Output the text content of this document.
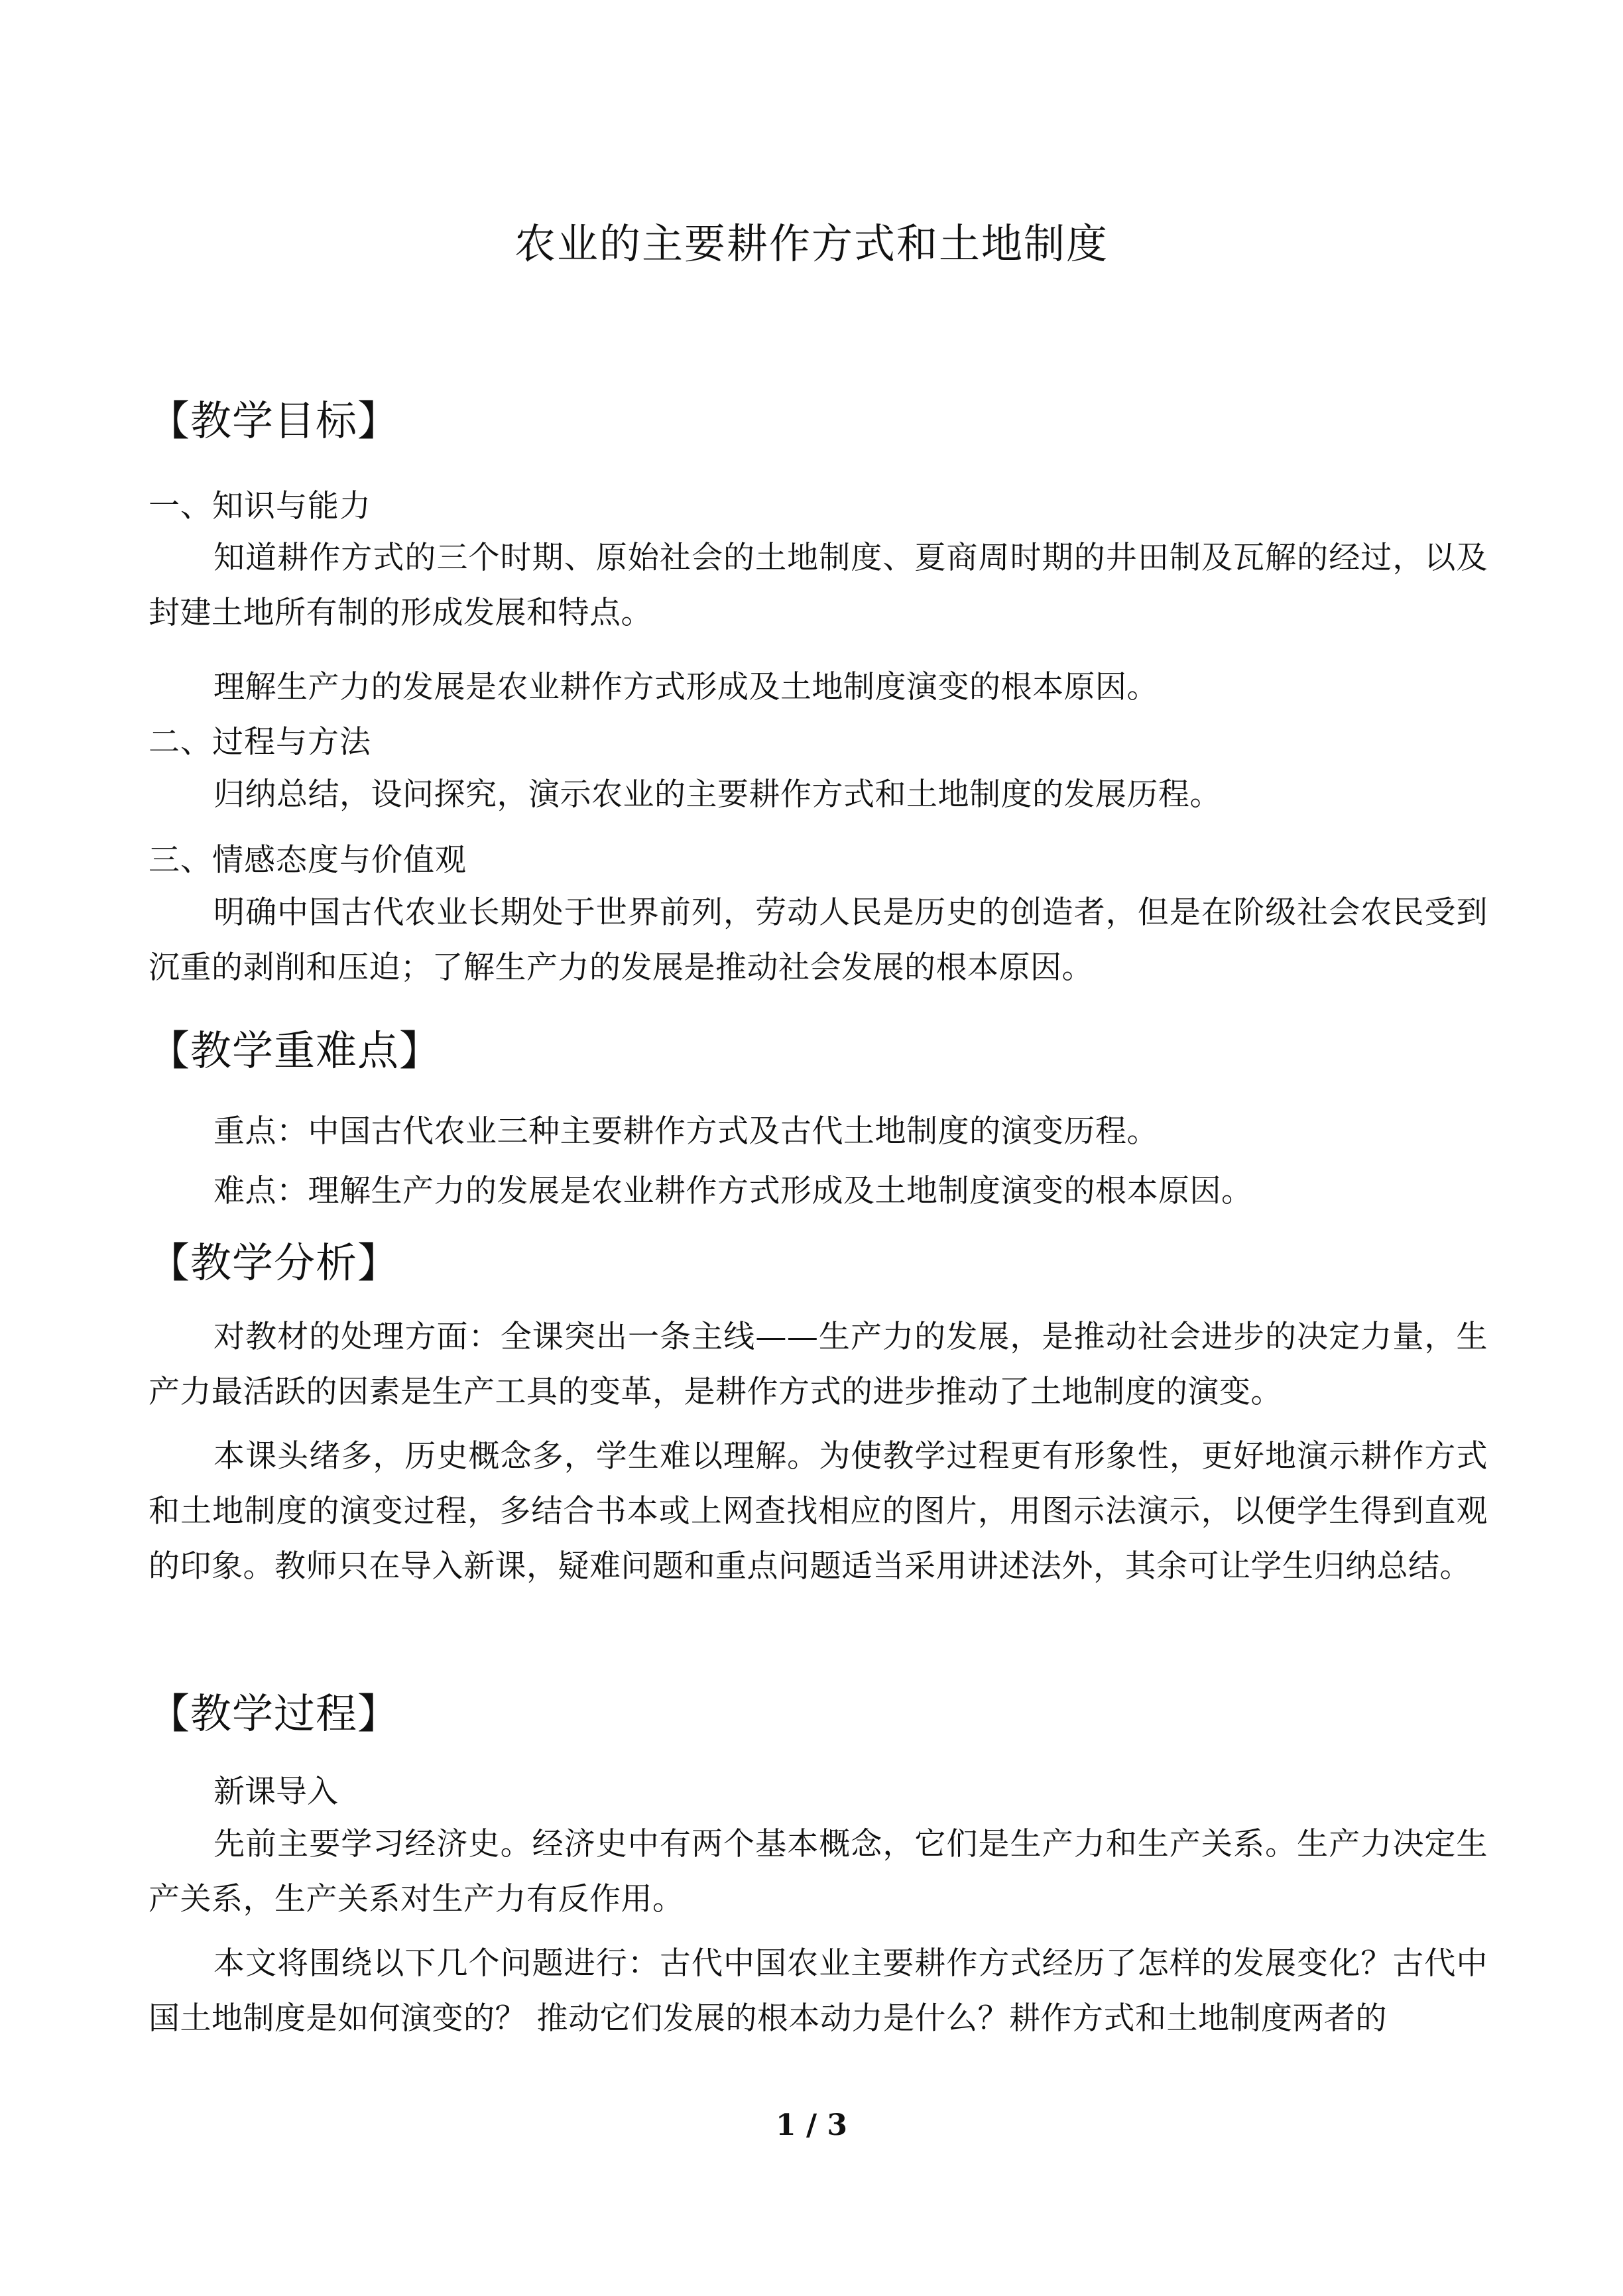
农业的主要耕作方式和土地制度
【教学目标】
一、知识与能力
知道耕作方式的三个时期、原始社会的土地制度、夏商周时期的井田制及瓦解的经过，以及封建土地所有制的形成发展和特点。
理解生产力的发展是农业耕作方式形成及土地制度演变的根本原因。
二、过程与方法
归纳总结，设问探究，演示农业的主要耕作方式和土地制度的发展历程。
三、情感态度与价值观
明确中国古代农业长期处于世界前列，劳动人民是历史的创造者，但是在阶级社会农民受到沉重的剥削和压迫；了解生产力的发展是推动社会发展的根本原因。
【教学重难点】
重点：中国古代农业三种主要耕作方式及古代土地制度的演变历程。
难点：理解生产力的发展是农业耕作方式形成及土地制度演变的根本原因。
【教学分析】
对教材的处理方面：全课突出一条主线——生产力的发展，是推动社会进步的决定力量，生产力最活跃的因素是生产工具的变革，是耕作方式的进步推动了土地制度的演变。
本课头绪多，历史概念多，学生难以理解。为使教学过程更有形象性，更好地演示耕作方式和土地制度的演变过程，多结合书本或上网查找相应的图片，用图示法演示，以便学生得到直观的印象。教师只在导入新课，疑难问题和重点问题适当采用讲述法外，其余可让学生归纳总结。
【教学过程】
新课导入
先前主要学习经济史。经济史中有两个基本概念，它们是生产力和生产关系。生产力决定生产关系，生产关系对生产力有反作用。
本文将围绕以下几个问题进行：古代中国农业主要耕作方式经历了怎样的发展变化？古代中国土地制度是如何演变的？ 推动它们发展的根本动力是什么？耕作方式和土地制度两者的
1 / 3
